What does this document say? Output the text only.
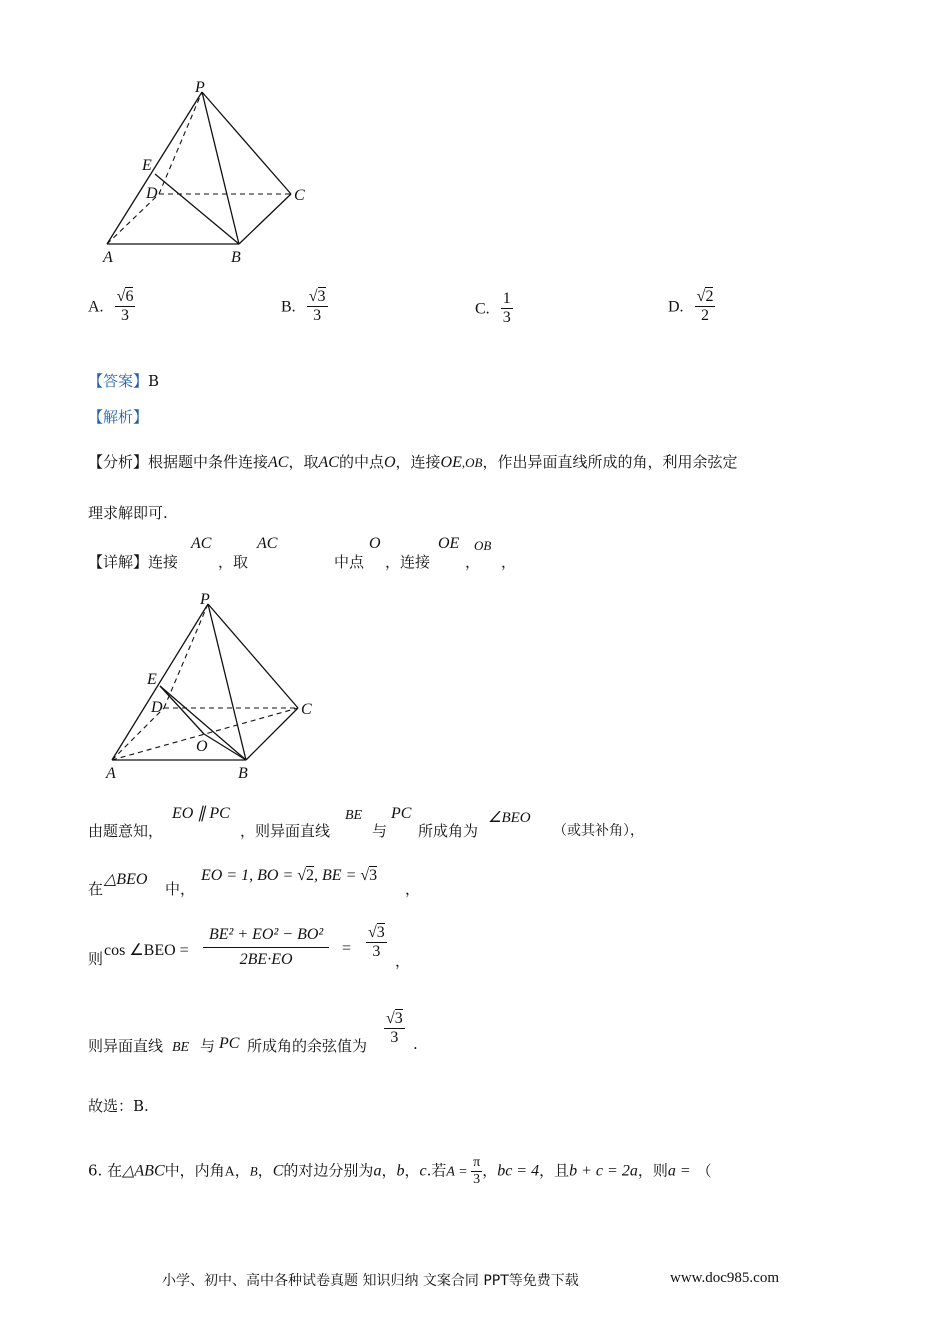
P
E
D	C
A	B
A. √ $\frac{6}{3}$	B. √ $\frac{3}{3}$	C. $\frac{1}{3}$	D. √ $\frac{2}{2}$
【答案】B
【解析】
【分析】根据题中条件连接AC，取AC的中点O，连接OE,OB，作出异面直线所成的角，利用余弦定
理求解即可.
【详解】连接
AC
，取
AC
中点
O
，连接
OE
，
OB
，
P
E
D	C
O
A	B
由题意知，
EO ∥ PC
，则异面直线
BE
与
PC
所成角为
∠BEO
（或其补角），
在
△BEO
中，
EO = 1, BO = √ 2, BE = √ 3
，
则 cos ∠BEO = $\frac{\text{BE² + EO² − BO²}}{2BE\cdot EO}$ = √ $\frac{3}{3}$ ，
则异面直线 BE 与 PC 所成角的余弦值为 √ $\frac{3}{3}$ .
故选：B.
6. 在△ABC中，内角A，B，C的对边分别为a，b，c.若$A = \frac{\pi}{3}$ ，bc = 4，且b + c = 2a，则a = （
小学、初中、高中各种试卷真题 知识归纳 文案合同 PPT等免费下载	www.doc985.com
